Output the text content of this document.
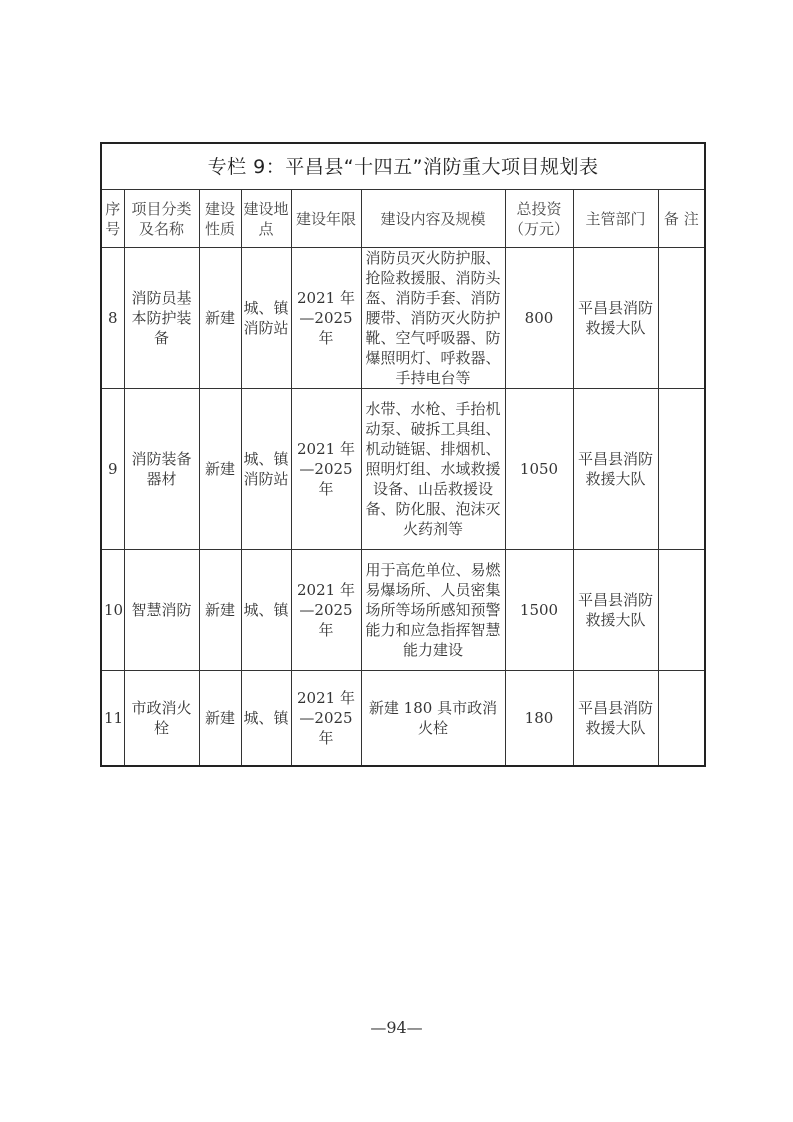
专栏 9：平昌县“十四五”消防重大项目规划表								
序号	项目分类及名称	建设性质	建设地点	建设年限	建设内容及规模	总投资（万元）	主管部门	备 注
8	消防员基本防护装备	新建	城、镇消防站	2021 年—2025 年	消防员灭火防护服、抢险救援服、消防头盔、消防手套、消防腰带、消防灭火防护靴、空气呼吸器、防爆照明灯、呼救器、手持电台等	800	平昌县消防救援大队	
9	消防装备器材	新建	城、镇消防站	2021 年—2025 年	水带、水枪、手抬机动泵、破拆工具组、机动链锯、排烟机、照明灯组、水域救援设备、山岳救援设备、防化服、泡沫灭火药剂等	1050	平昌县消防救援大队	
10	智慧消防	新建	城、镇	2021 年—2025 年	用于高危单位、易燃易爆场所、人员密集场所等场所感知预警能力和应急指挥智慧能力建设	1500	平昌县消防救援大队	
11	市政消火栓	新建	城、镇	2021 年—2025 年	新建 180 具市政消火栓	180	平昌县消防救援大队	
—94—
